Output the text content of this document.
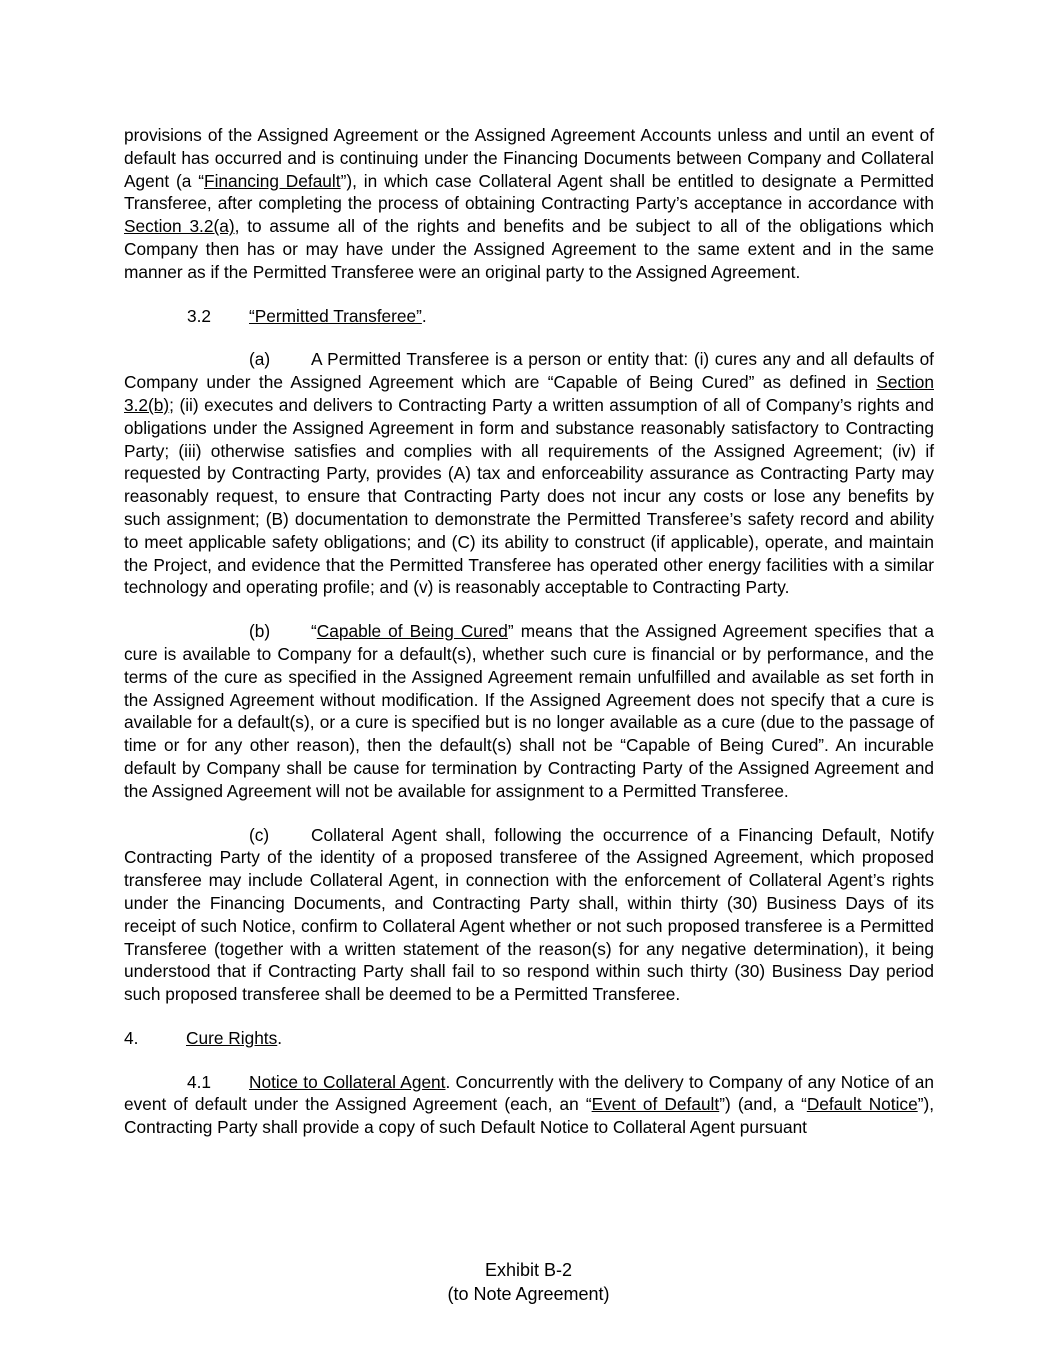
provisions of the Assigned Agreement or the Assigned Agreement Accounts unless and until an event of default has occurred and is continuing under the Financing Documents between Company and Collateral Agent (a “Financing Default”), in which case Collateral Agent shall be entitled to designate a Permitted Transferee, after completing the process of obtaining Contracting Party’s acceptance in accordance with Section 3.2(a), to assume all of the rights and benefits and be subject to all of the obligations which Company then has or may have under the Assigned Agreement to the same extent and in the same manner as if the Permitted Transferee were an original party to the Assigned Agreement.

3.2 “Permitted Transferee”.

(a) A Permitted Transferee is a person or entity that: (i) cures any and all defaults of Company under the Assigned Agreement which are “Capable of Being Cured” as defined in Section 3.2(b); (ii) executes and delivers to Contracting Party a written assumption of all of Company’s rights and obligations under the Assigned Agreement in form and substance reasonably satisfactory to Contracting Party; (iii) otherwise satisfies and complies with all requirements of the Assigned Agreement; (iv) if requested by Contracting Party, provides (A) tax and enforceability assurance as Contracting Party may reasonably request, to ensure that Contracting Party does not incur any costs or lose any benefits by such assignment; (B) documentation to demonstrate the Permitted Transferee’s safety record and ability to meet applicable safety obligations; and (C) its ability to construct (if applicable), operate, and maintain the Project, and evidence that the Permitted Transferee has operated other energy facilities with a similar technology and operating profile; and (v) is reasonably acceptable to Contracting Party.

(b) “Capable of Being Cured” means that the Assigned Agreement specifies that a cure is available to Company for a default(s), whether such cure is financial or by performance, and the terms of the cure as specified in the Assigned Agreement remain unfulfilled and available as set forth in the Assigned Agreement without modification. If the Assigned Agreement does not specify that a cure is available for a default(s), or a cure is specified but is no longer available as a cure (due to the passage of time or for any other reason), then the default(s) shall not be “Capable of Being Cured”. An incurable default by Company shall be cause for termination by Contracting Party of the Assigned Agreement and the Assigned Agreement will not be available for assignment to a Permitted Transferee.

(c) Collateral Agent shall, following the occurrence of a Financing Default, Notify Contracting Party of the identity of a proposed transferee of the Assigned Agreement, which proposed transferee may include Collateral Agent, in connection with the enforcement of Collateral Agent’s rights under the Financing Documents, and Contracting Party shall, within thirty (30) Business Days of its receipt of such Notice, confirm to Collateral Agent whether or not such proposed transferee is a Permitted Transferee (together with a written statement of the reason(s) for any negative determination), it being understood that if Contracting Party shall fail to so respond within such thirty (30) Business Day period such proposed transferee shall be deemed to be a Permitted Transferee.

4.	Cure Rights.

4.1 Notice to Collateral Agent. Concurrently with the delivery to Company of any Notice of an event of default under the Assigned Agreement (each, an “Event of Default”) (and, a “Default Notice”), Contracting Party shall provide a copy of such Default Notice to Collateral Agent pursuant

Exhibit B-2
(to Note Agreement)
